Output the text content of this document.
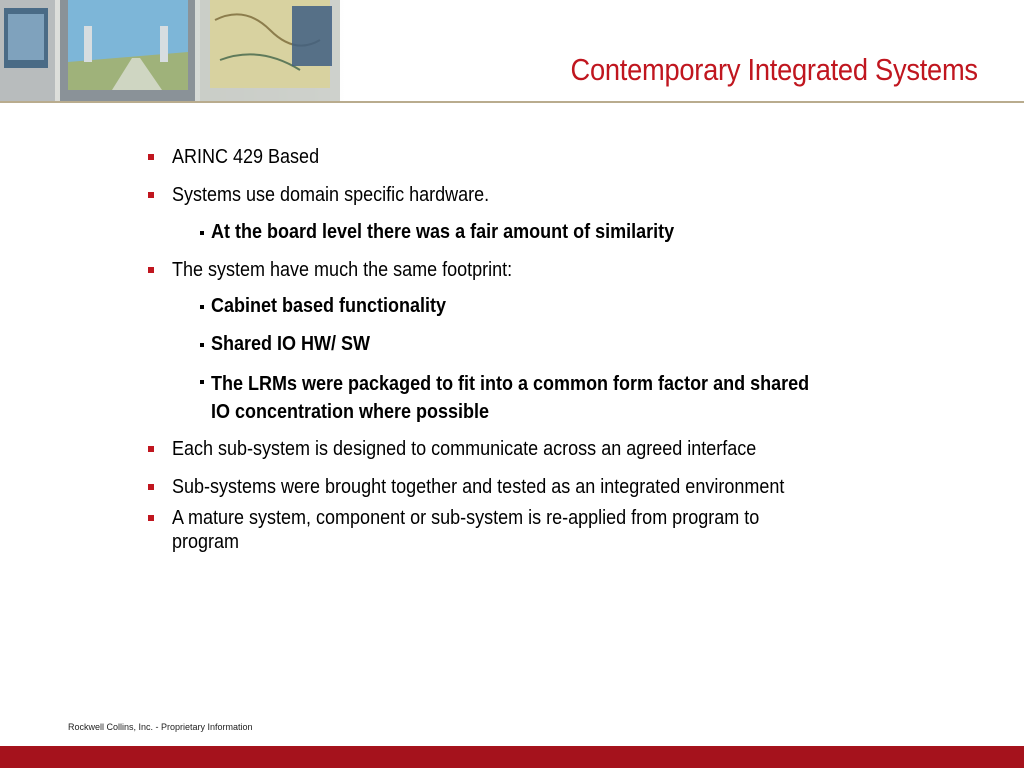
Contemporary Integrated Systems
ARINC 429 Based
Systems use domain specific hardware.
At the board level there was a fair amount of similarity
The system have much the same footprint:
Cabinet based functionality
Shared IO HW/ SW
The LRMs were packaged to fit into a common form factor and shared
IO concentration where possible
Each sub-system is designed to communicate across an agreed interface
Sub-systems were brought together and tested as an integrated environment
A mature system, component or sub-system is re-applied from program to
program
Rockwell Collins, Inc. - Proprietary Information
